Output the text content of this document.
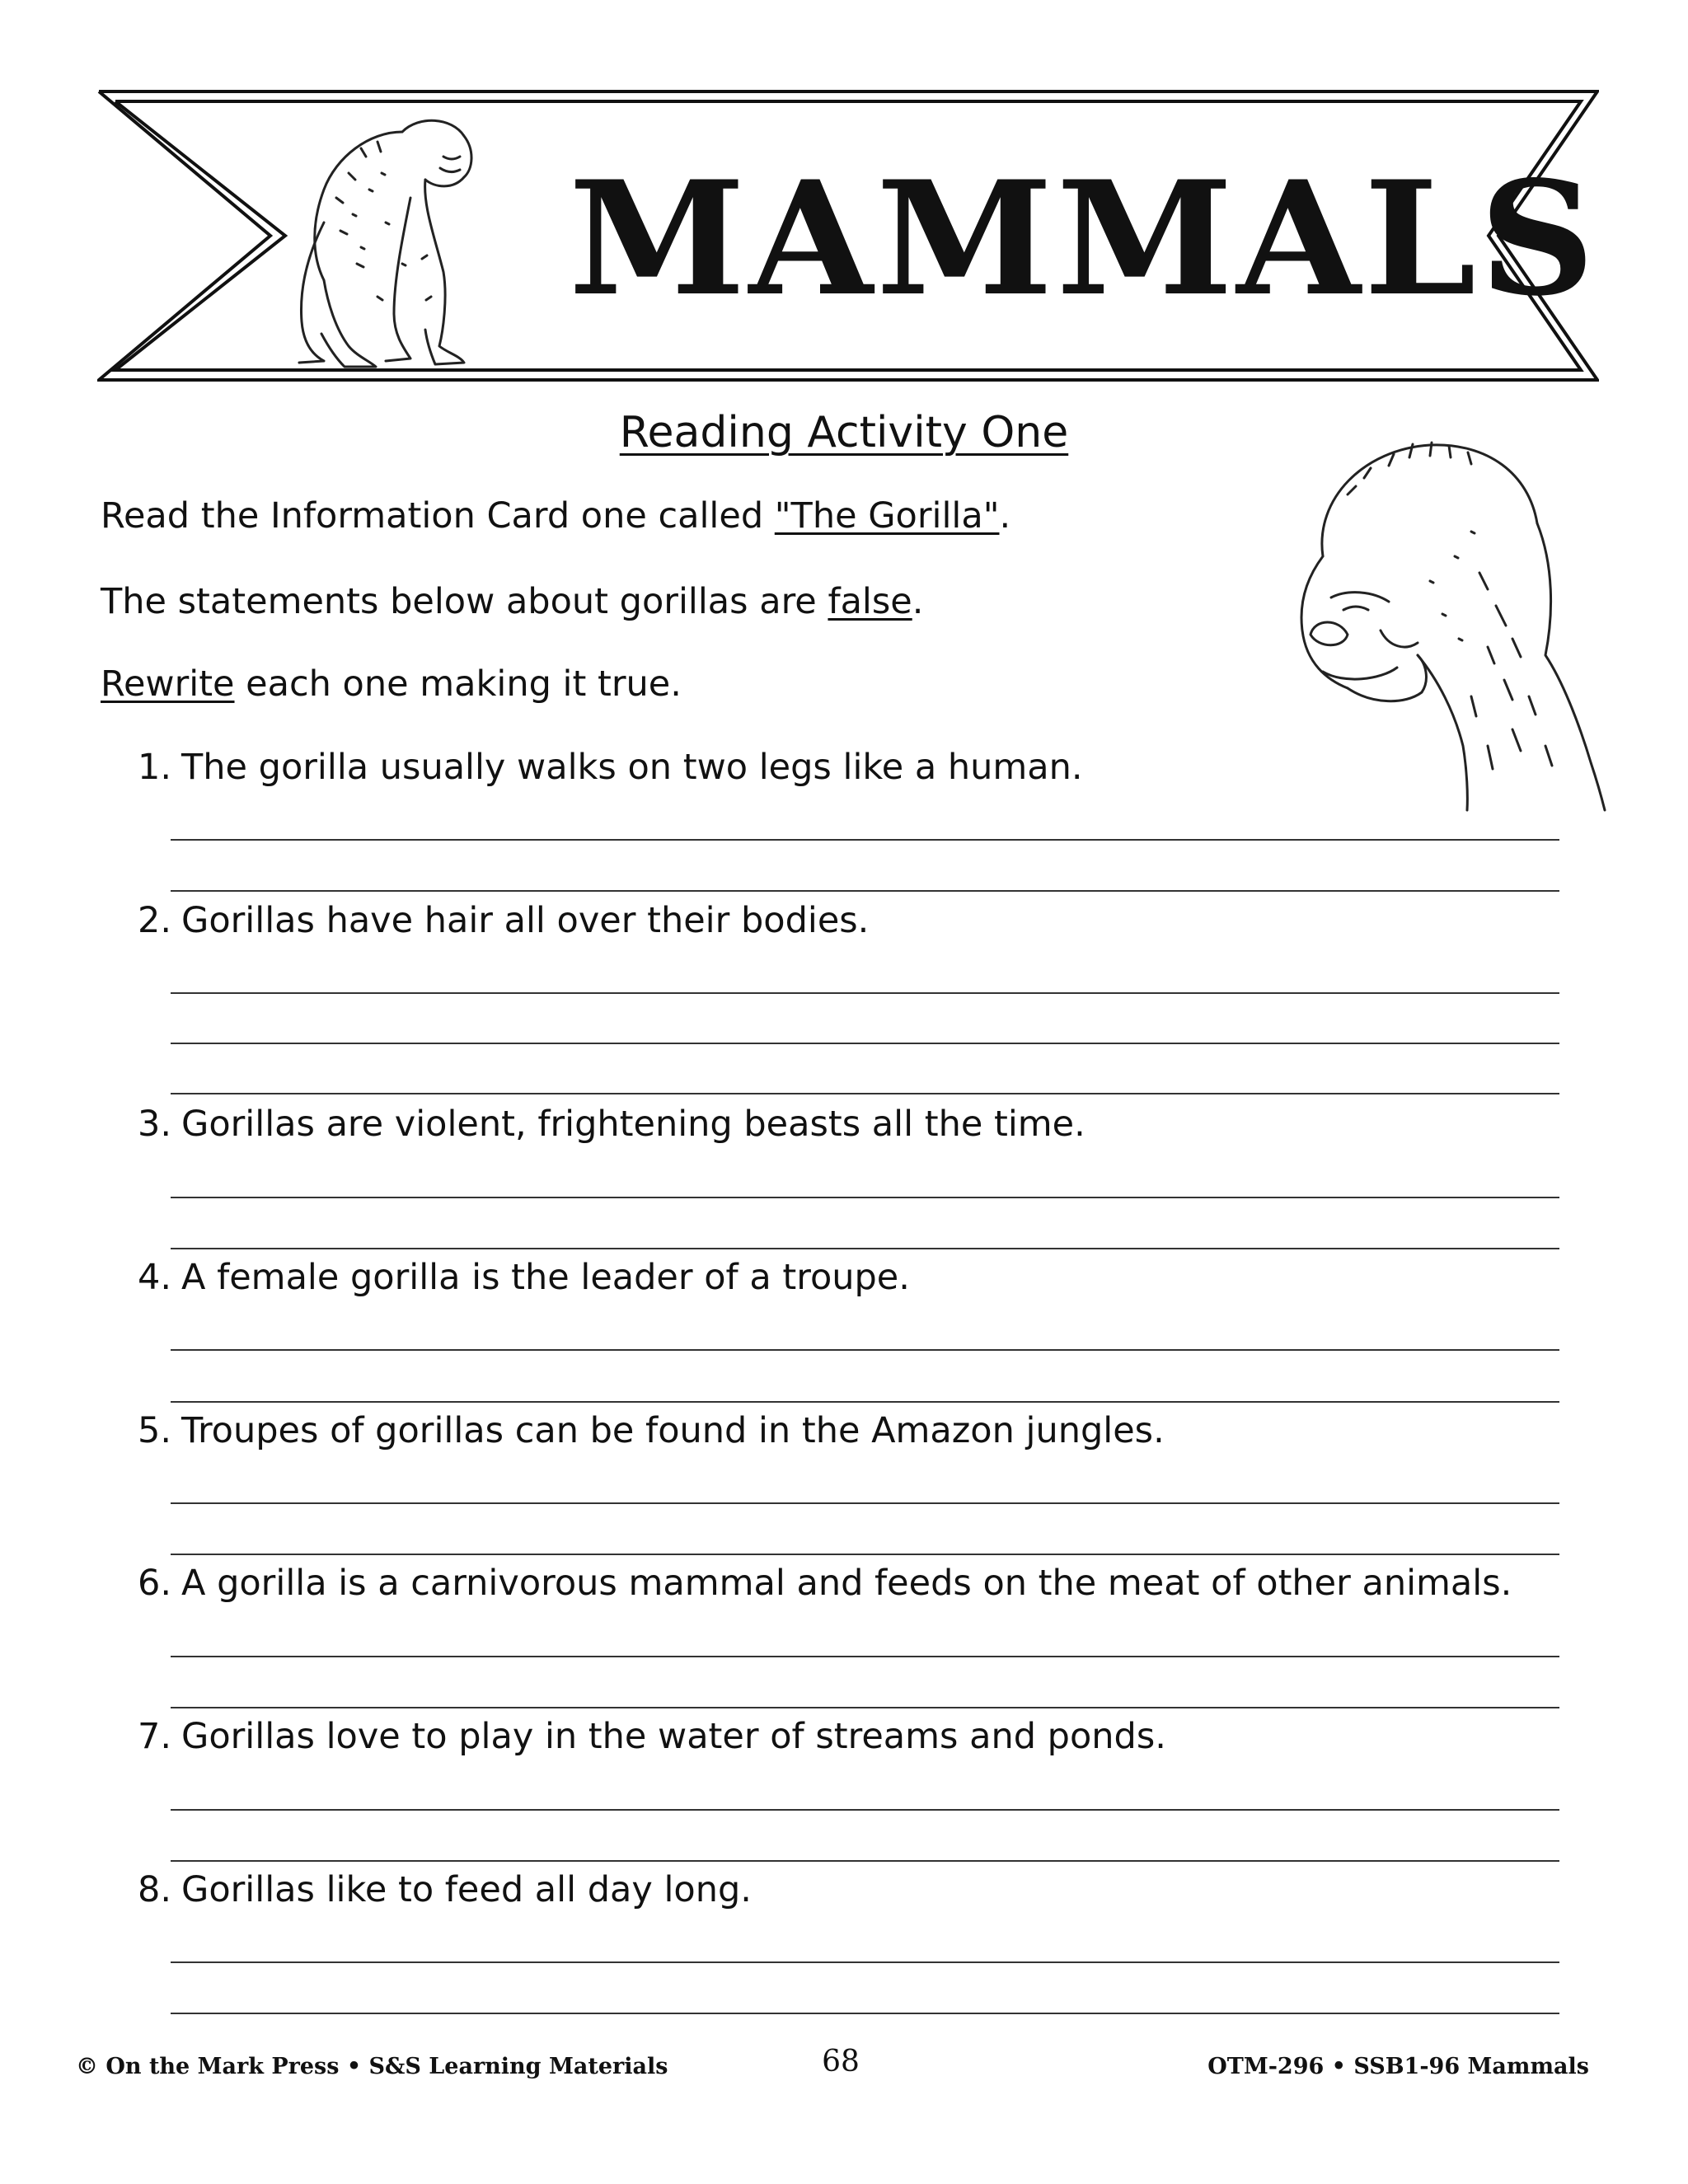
MAMMALS
Reading Activity One
Read the Information Card one called "The Gorilla".
The statements below about gorillas are false.
Rewrite each one making it true.
1. The gorilla usually walks on two legs like a human.
2. Gorillas have hair all over their bodies.
3. Gorillas are violent, frightening beasts all the time.
4. A female gorilla is the leader of a troupe.
5. Troupes of gorillas can be found in the Amazon jungles.
6. A gorilla is a carnivorous mammal and feeds on the meat of other animals.
7. Gorillas love to play in the water of streams and ponds.
8. Gorillas like to feed all day long.
© On the Mark Press • S&S Learning Materials	68	OTM-296 • SSB1-96 Mammals
